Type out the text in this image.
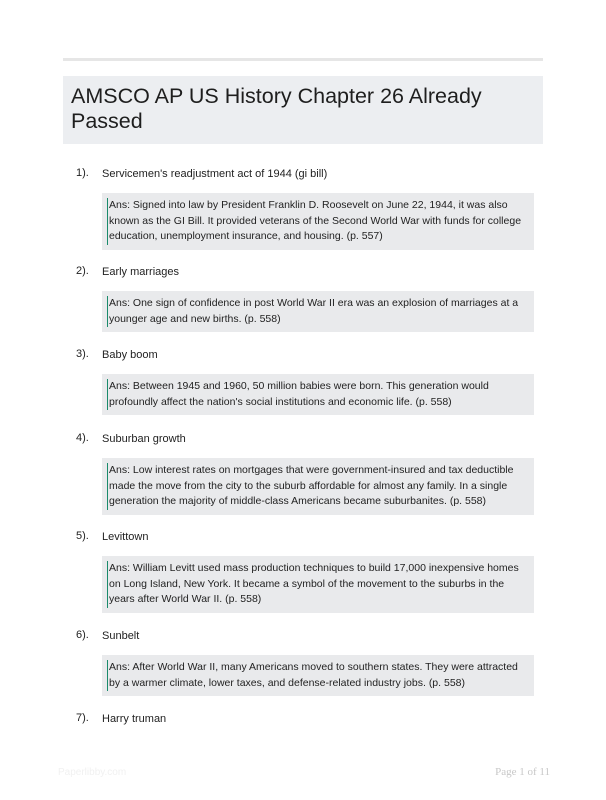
AMSCO AP US History Chapter 26 Already Passed
1). Servicemen's readjustment act of 1944 (gi bill)
Ans: Signed into law by President Franklin D. Roosevelt on June 22, 1944, it was also known as the GI Bill. It provided veterans of the Second World War with funds for college education, unemployment insurance, and housing. (p. 557)
2). Early marriages
Ans: One sign of confidence in post World War II era was an explosion of marriages at a younger age and new births. (p. 558)
3). Baby boom
Ans: Between 1945 and 1960, 50 million babies were born. This generation would profoundly affect the nation's social institutions and economic life. (p. 558)
4). Suburban growth
Ans: Low interest rates on mortgages that were government-insured and tax deductible made the move from the city to the suburb affordable for almost any family. In a single generation the majority of middle-class Americans became suburbanites. (p. 558)
5). Levittown
Ans: William Levitt used mass production techniques to build 17,000 inexpensive homes on Long Island, New York. It became a symbol of the movement to the suburbs in the years after World War II. (p. 558)
6). Sunbelt
Ans: After World War II, many Americans moved to southern states. They were attracted by a warmer climate, lower taxes, and defense-related industry jobs. (p. 558)
7). Harry truman
Paperlibby.com	Page 1 of 11
